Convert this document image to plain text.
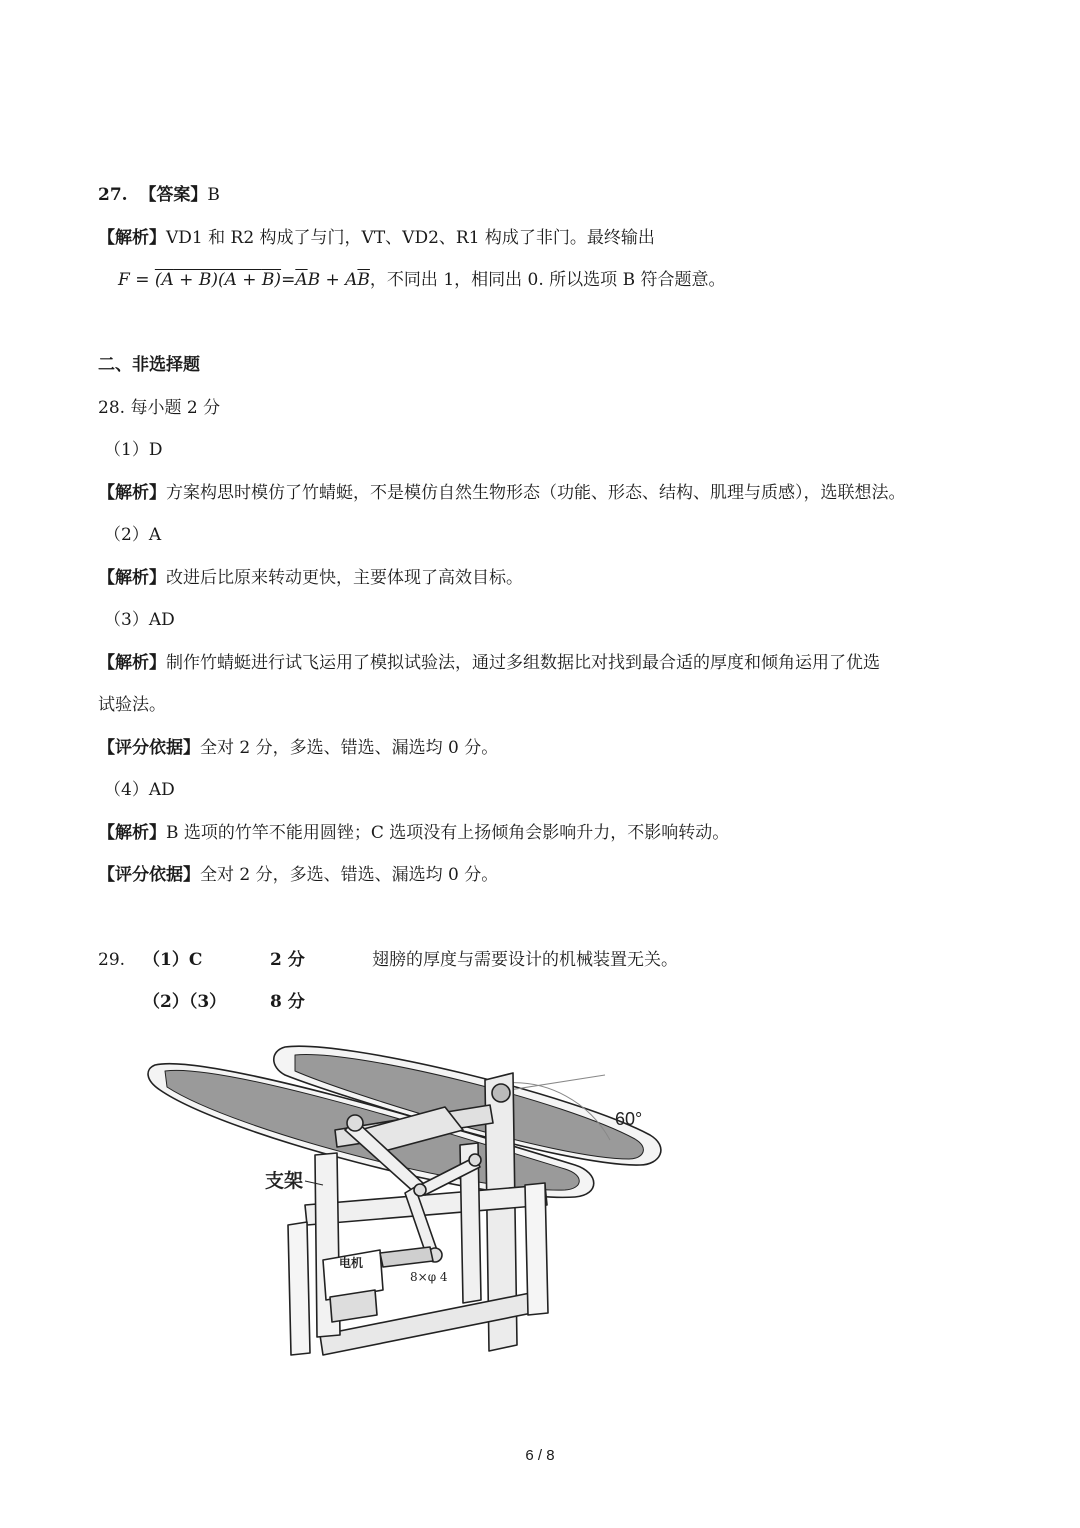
27. 【答案】B
【解析】VD1 和 R2 构成了与门，VT、VD2、R1 构成了非门。最终输出
$F = (A + B)(A + B)=\overline{A}B + A\overline{B}$，不同出 1，相同出 0. 所以选项 B 符合题意。
二、非选择题
28. 每小题 2 分
（1）D
【解析】方案构思时模仿了竹蜻蜓，不是模仿自然生物形态（功能、形态、结构、肌理与质感），选联想法。
（2）A
【解析】改进后比原来转动更快，主要体现了高效目标。
（3）AD
【解析】制作竹蜻蜓进行试飞运用了模拟试验法，通过多组数据比对找到最合适的厚度和倾角运用了优选
试验法。
【评分依据】全对 2 分，多选、错选、漏选均 0 分。
（4）AD
【解析】B 选项的竹竿不能用圆锉；C 选项没有上扬倾角会影响升力，不影响转动。
【评分依据】全对 2 分，多选、错选、漏选均 0 分。
29. （1）C	2 分	翅膀的厚度与需要设计的机械装置无关。
（2）（3）	8 分
支架
电机
8×φ 4
60°
6 / 8
